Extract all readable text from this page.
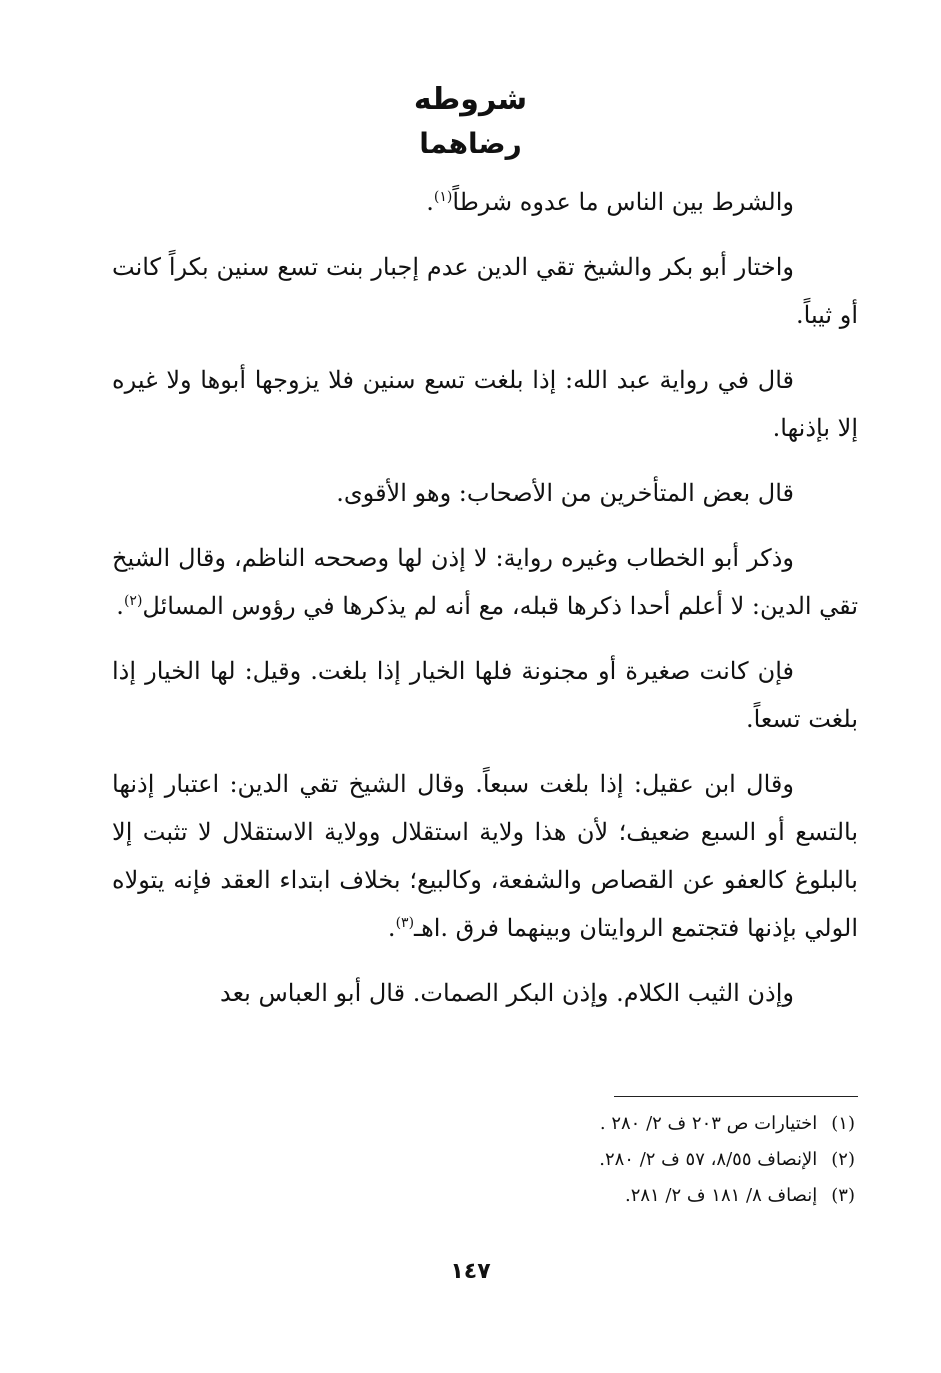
شروطه
رضاهما

والشرط بين الناس ما عدوه شرطاً$^{(١)}$.

واختار أبو بكر والشيخ تقي الدين عدم إجبار بنت تسع سنين بكراً كانت أو ثيباً.

قال في رواية عبد الله: إذا بلغت تسع سنين فلا يزوجها أبوها ولا غيره إلا بإذنها.

قال بعض المتأخرين من الأصحاب: وهو الأقوى.

وذكر أبو الخطاب وغيره رواية: لا إذن لها وصححه الناظم، وقال الشيخ تقي الدين: لا أعلم أحدا ذكرها قبله، مع أنه لم يذكرها في رؤوس المسائل$^{(٢)}$.

فإن كانت صغيرة أو مجنونة فلها الخيار إذا بلغت. وقيل: لها الخيار إذا بلغت تسعاً.

وقال ابن عقيل: إذا بلغت سبعاً. وقال الشيخ تقي الدين: اعتبار إذنها بالتسع أو السبع ضعيف؛ لأن هذا ولاية استقلال وولاية الاستقلال لا تثبت إلا بالبلوغ كالعفو عن القصاص والشفعة، وكالبيع؛ بخلاف ابتداء العقد فإنه يتولاه الولي بإذنها فتجتمع الروايتان وبينهما فرق .اهـ$^{(٣)}$.

وإذن الثيب الكلام. وإذن البكر الصمات. قال أبو العباس بعد

(١)اختيارات ص ٢٠٣ ف ٢/ ٢٨٠ .
(٢)الإنصاف ٨/٥٥، ٥٧ ف ٢/ ٢٨٠.
(٣)إنصاف ٨/ ١٨١ ف ٢/ ٢٨١.
١٤٧
